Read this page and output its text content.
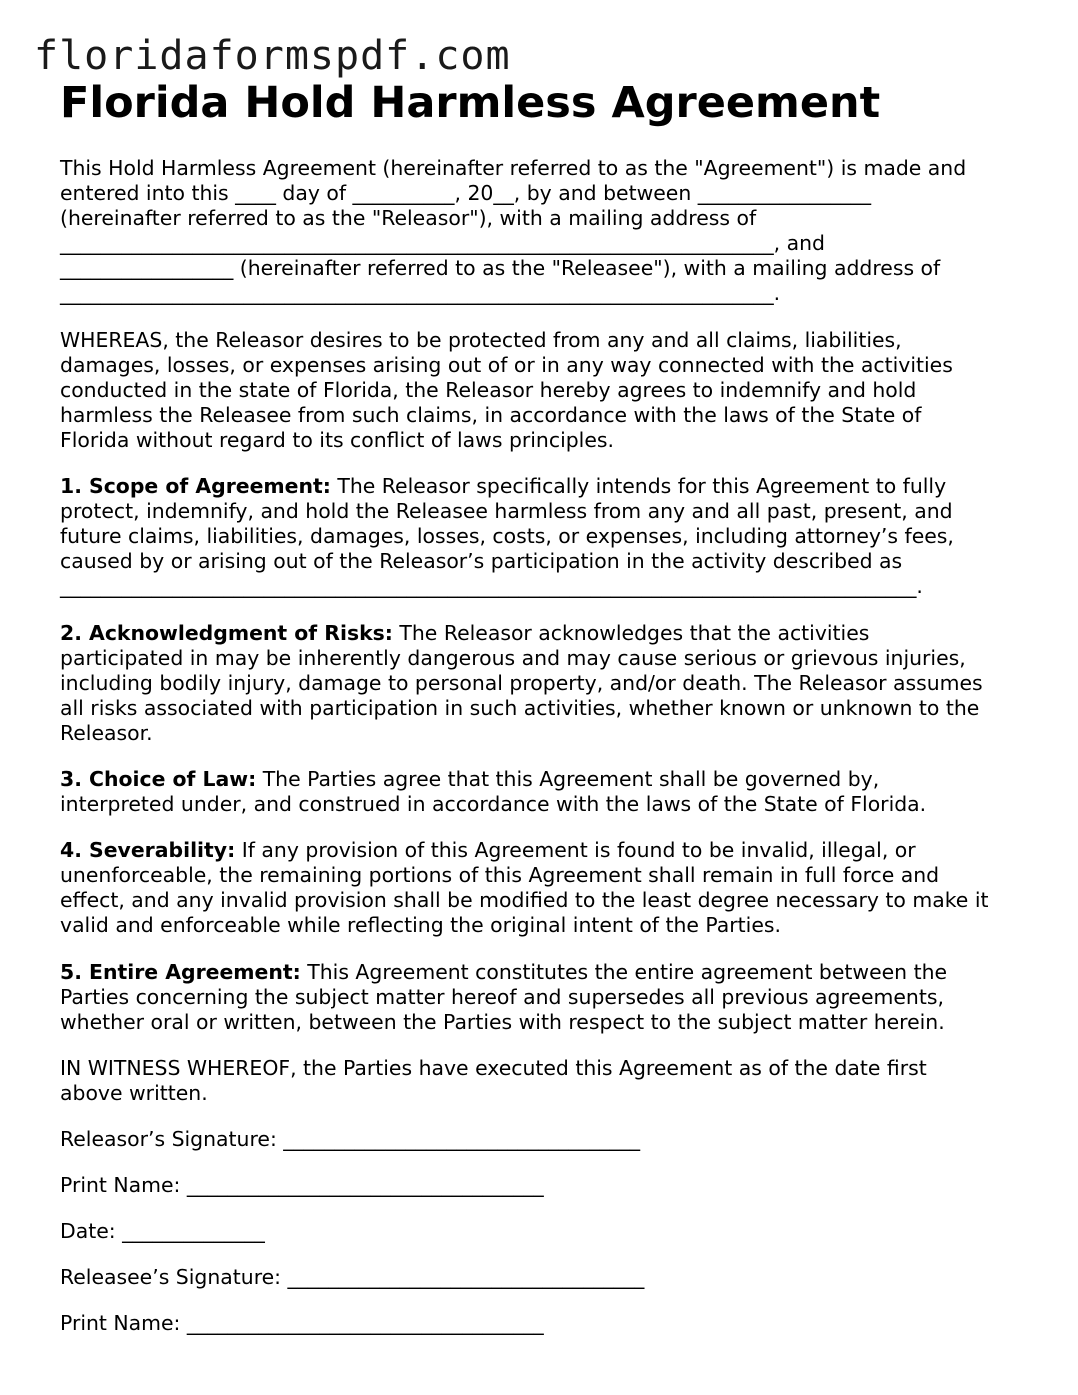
floridaformspdf.com
Florida Hold Harmless Agreement

This Hold Harmless Agreement (hereinafter referred to as the "Agreement") is made and
entered into this ____ day of __________, 20__, by and between _________________
(hereinafter referred to as the "Releasor"), with a mailing address of
______________________________________________________________________, and
_________________ (hereinafter referred to as the "Releasee"), with a mailing address of
______________________________________________________________________.

WHEREAS, the Releasor desires to be protected from any and all claims, liabilities,
damages, losses, or expenses arising out of or in any way connected with the activities
conducted in the state of Florida, the Releasor hereby agrees to indemnify and hold
harmless the Releasee from such claims, in accordance with the laws of the State of
Florida without regard to its conflict of laws principles.

1. Scope of Agreement: The Releasor specifically intends for this Agreement to fully
protect, indemnify, and hold the Releasee harmless from any and all past, present, and
future claims, liabilities, damages, losses, costs, or expenses, including attorney’s fees,
caused by or arising out of the Releasor’s participation in the activity described as
____________________________________________________________________________________.

2. Acknowledgment of Risks: The Releasor acknowledges that the activities
participated in may be inherently dangerous and may cause serious or grievous injuries,
including bodily injury, damage to personal property, and/or death. The Releasor assumes
all risks associated with participation in such activities, whether known or unknown to the
Releasor.

3. Choice of Law: The Parties agree that this Agreement shall be governed by,
interpreted under, and construed in accordance with the laws of the State of Florida.

4. Severability: If any provision of this Agreement is found to be invalid, illegal, or
unenforceable, the remaining portions of this Agreement shall remain in full force and
effect, and any invalid provision shall be modified to the least degree necessary to make it
valid and enforceable while reflecting the original intent of the Parties.

5. Entire Agreement: This Agreement constitutes the entire agreement between the
Parties concerning the subject matter hereof and supersedes all previous agreements,
whether oral or written, between the Parties with respect to the subject matter herein.

IN WITNESS WHEREOF, the Parties have executed this Agreement as of the date first
above written.

Releasor’s Signature: ___________________________________
Print Name: ___________________________________
Date: ______________
Releasee’s Signature: ___________________________________
Print Name: ___________________________________
